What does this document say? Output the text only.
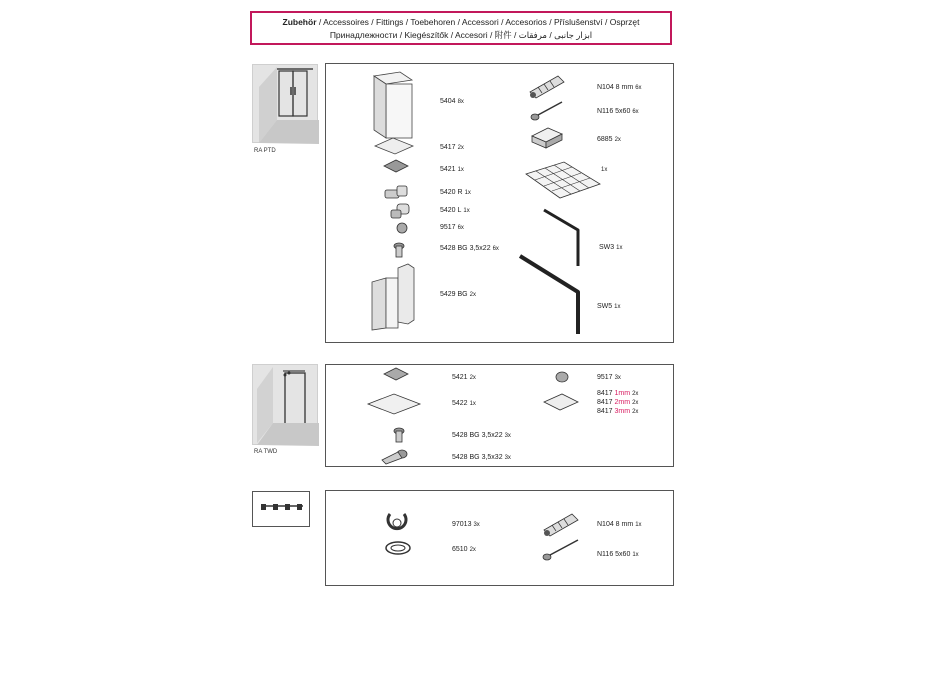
Zubehör / Accessoires / Fittings / Toebehoren / Accessori / Accesorios / Příslušenství / Osprzęt
Принадлежности / Kiegészítők / Accesori / 附件 / ابزار جانبی / مرفقات
RA PTD
5404 8x
5417 2x
5421 1x
5420 R 1x
5420 L 1x
9517 6x
5428 BG 3,5x22 6x
5429 BG 2x
N104 8 mm 6x
N116 5x60 6x
6885 2x
1x
SW3 1x
SW5 1x
RA TWD
5421 2x
5422 1x
5428 BG 3,5x22 3x
5428 BG 3,5x32 3x
9517 3x
8417 1mm 2x
8417 2mm 2x
8417 3mm 2x
97013 3x
6510 2x
N104 8 mm 1x
N116 5x60 1x
